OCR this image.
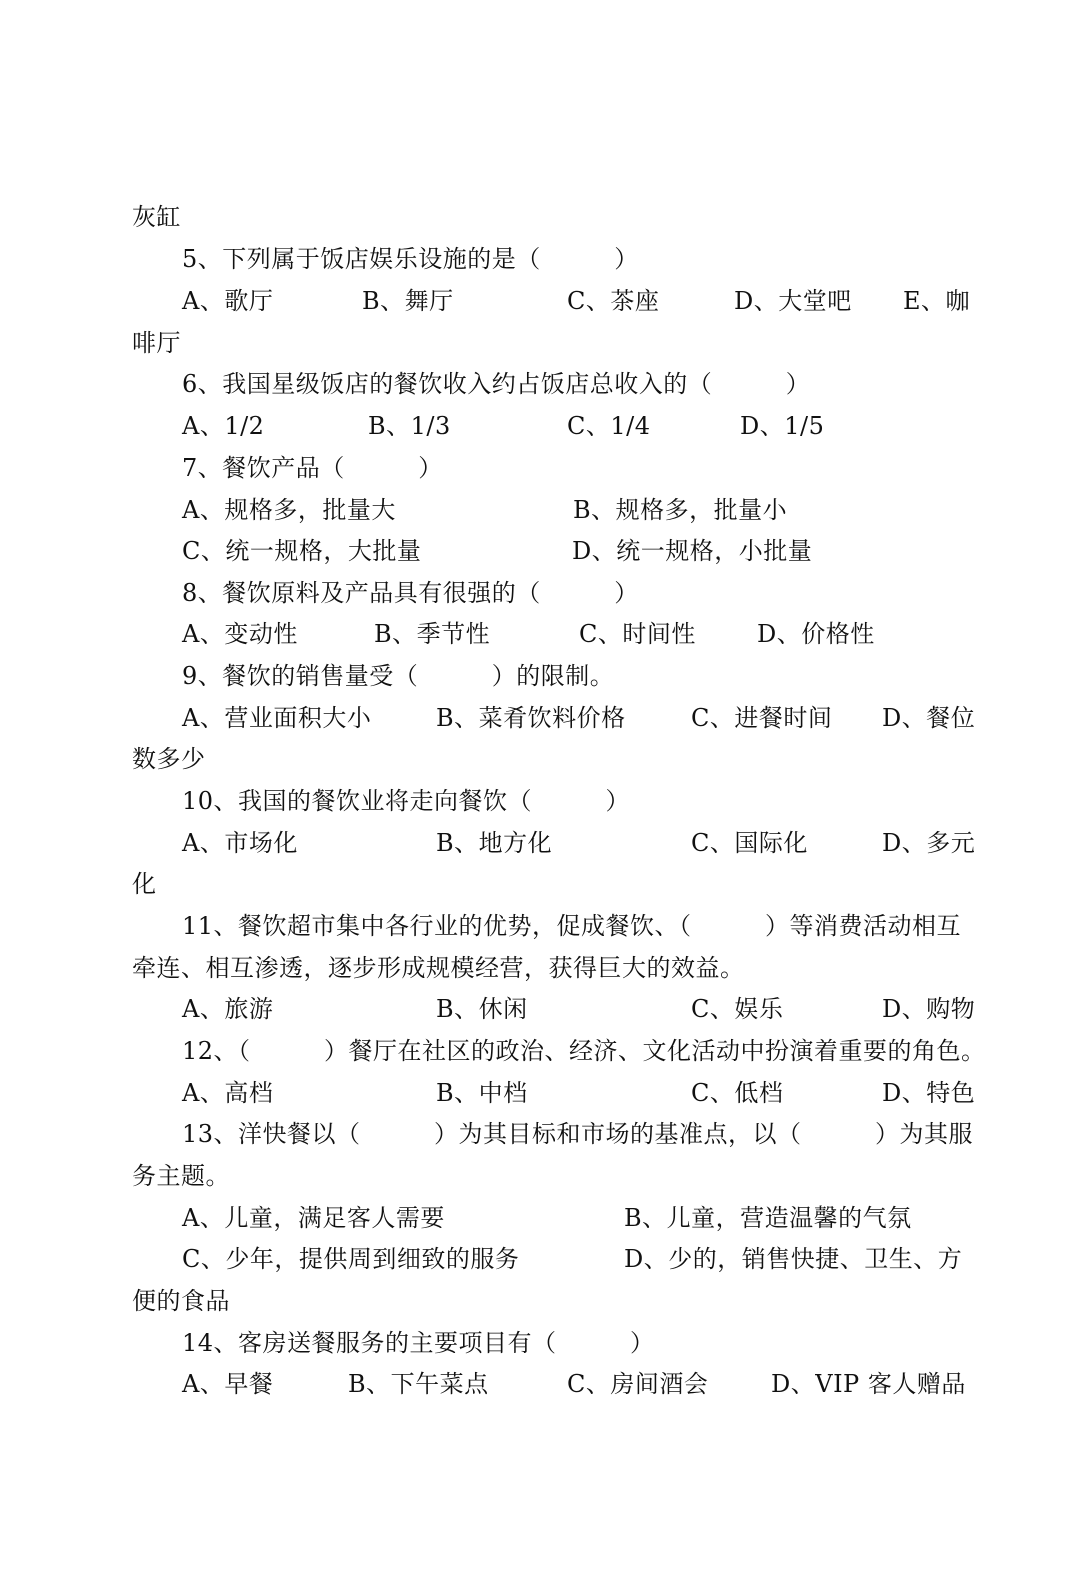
灰缸
5、下列属于饭店娱乐设施的是（　　　）

A、歌厅

	B、舞厅

	C、茶座

	D、大堂吧

E、咖

啡厅
6、我国星级饭店的餐饮收入约占饭店总收入的（　　　）

A、1/2

	B、1/3

	C、1/4

	D、1/5

7、餐饮产品（　　　）

A、规格多，批量大

	B、规格多，批量小

C、统一规格，大批量

	D、统一规格，小批量

8、餐饮原料及产品具有很强的（　　　）

A、变动性

	B、季节性

	C、时间性

	D、价格性

9、餐饮的销售量受（　　　）的限制。

A、营业面积大小

	B、菜肴饮料价格

	C、进餐时间

D、餐位

数多少
10、我国的餐饮业将走向餐饮（　　　）

A、市场化

	B、地方化

	C、国际化

	D、多元

化
11、餐饮超市集中各行业的优势，促成餐饮、（　　　）等消费活动相互
牵连、相互渗透，逐步形成规模经营，获得巨大的效益。

A、旅游

	B、休闲

	C、娱乐

	D、购物

12、（　　　）餐厅在社区的政治、经济、文化活动中扮演着重要的角色。

A、高档

	B、中档

	C、低档

	D、特色

13、洋快餐以（　　　）为其目标和市场的基准点，以（　　　）为其服
务主题。

A、儿童，满足客人需要

	B、儿童，营造温馨的气氛

C、少年，提供周到细致的服务

	D、少的，销售快捷、卫生、方

便的食品
14、客房送餐服务的主要项目有（　　　）

A、早餐

	B、下午菜点

	C、房间酒会

	D、VIP 客人赠品
